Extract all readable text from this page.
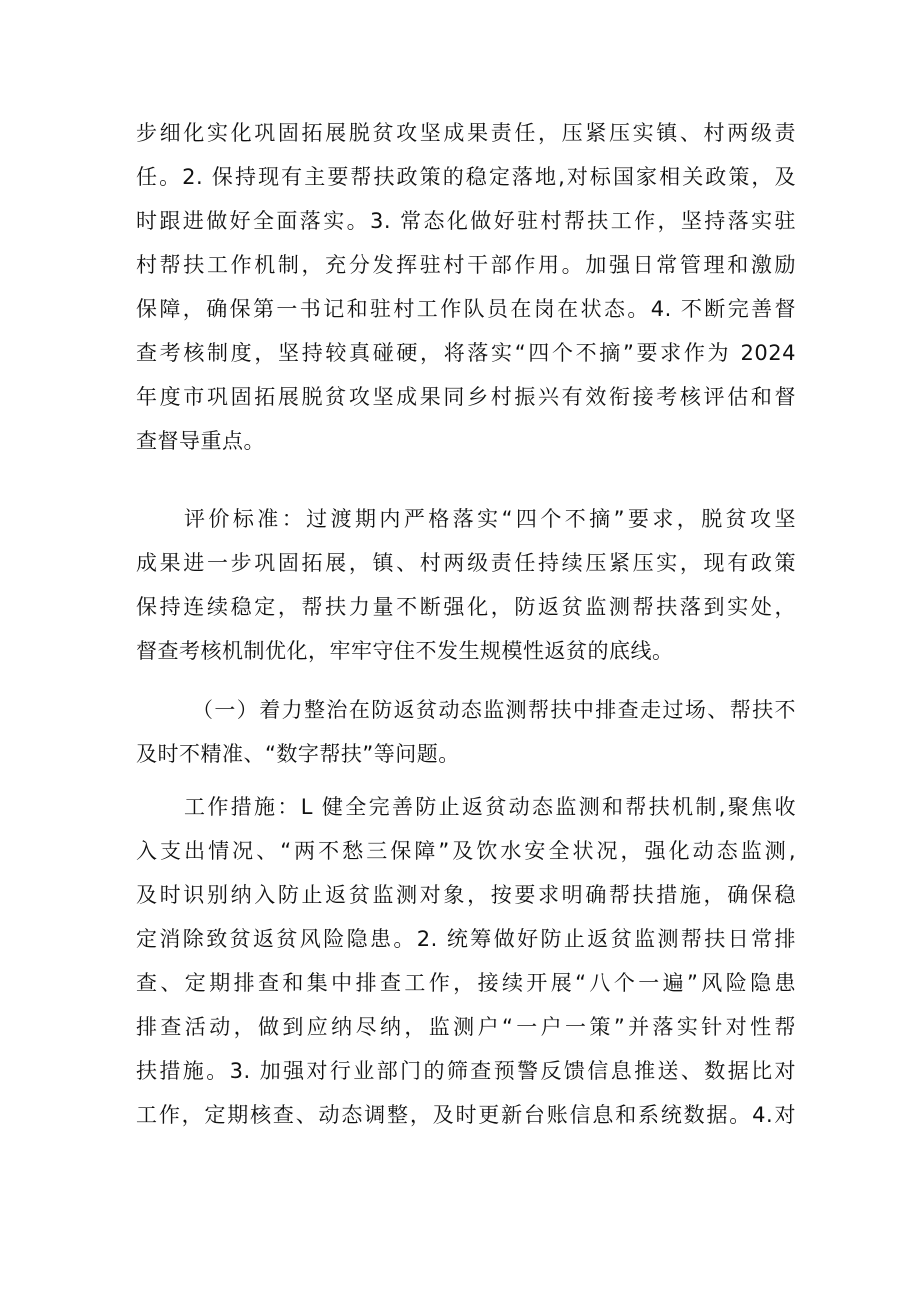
步细化实化巩固拓展脱贫攻坚成果责任，压紧压实镇、村两级责
任。2. 保持现有主要帮扶政策的稳定落地,对标国家相关政策，及
时跟进做好全面落实。3. 常态化做好驻村帮扶工作，坚持落实驻
村帮扶工作机制，充分发挥驻村干部作用。加强日常管理和激励
保障，确保第一书记和驻村工作队员在岗在状态。4. 不断完善督
查考核制度，坚持较真碰硬，将落实“四个不摘”要求作为 2024
年度市巩固拓展脱贫攻坚成果同乡村振兴有效衔接考核评估和督
查督导重点。
评价标准：过渡期内严格落实“四个不摘”要求，脱贫攻坚
成果进一步巩固拓展，镇、村两级责任持续压紧压实，现有政策
保持连续稳定，帮扶力量不断强化，防返贫监测帮扶落到实处，
督查考核机制优化，牢牢守住不发生规模性返贫的底线。
（一）着力整治在防返贫动态监测帮扶中排查走过场、帮扶不
及时不精准、“数字帮扶”等问题。
工作措施：L 健全完善防止返贫动态监测和帮扶机制,聚焦收
入支出情况、“两不愁三保障”及饮水安全状况，强化动态监测,
及时识别纳入防止返贫监测对象，按要求明确帮扶措施，确保稳
定消除致贫返贫风险隐患。2. 统筹做好防止返贫监测帮扶日常排
查、定期排查和集中排查工作，接续开展“八个一遍”风险隐患
排查活动，做到应纳尽纳，监测户“一户一策”并落实针对性帮
扶措施。3. 加强对行业部门的筛查预警反馈信息推送、数据比对
工作，定期核查、动态调整，及时更新台账信息和系统数据。4.对
